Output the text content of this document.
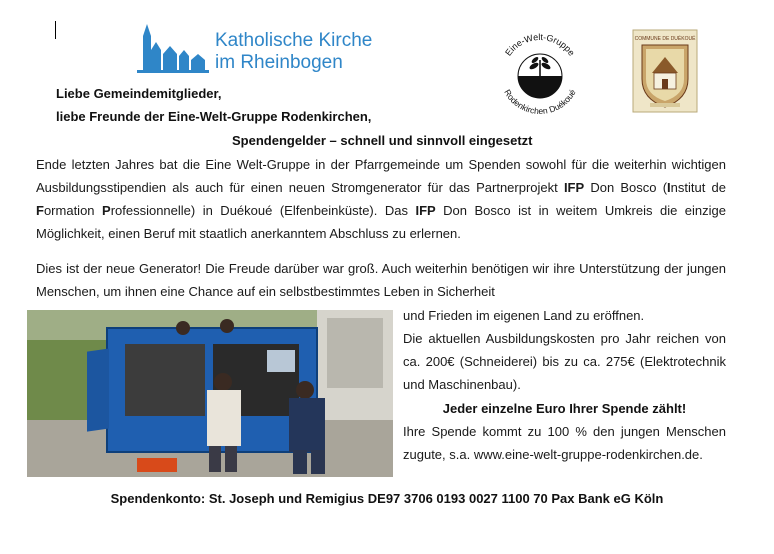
Katholische Kirche
im Rheinbogen	Eine-Welt-Gruppe
Rodenkirchen Duékoué
COMMUNE DE DUÉKOUÉ
Liebe Gemeindemitglieder,
liebe Freunde der Eine-Welt-Gruppe Rodenkirchen,
Spendengelder – schnell und sinnvoll eingesetzt
Ende letzten Jahres bat die Eine Welt-Gruppe in der Pfarrgemeinde um Spenden sowohl für die weiterhin wichtigen Ausbildungsstipendien als auch für einen neuen Stromgenerator für das Partnerprojekt IFP Don Bosco (Institut de Formation Professionnelle) in Duékoué (Elfenbeinküste). Das IFP Don Bosco ist in weitem Umkreis die einzige Möglichkeit, einen Beruf mit staatlich anerkanntem Abschluss zu erlernen.
Dies ist der neue Generator! Die Freude darüber war groß. Auch weiterhin benötigen wir ihre Unterstützung der jungen Menschen, um ihnen eine Chance auf ein selbstbestimmtes Leben in Sicherheit
und Frieden im eigenen Land zu eröffnen.
Die aktuellen Ausbildungskosten pro Jahr reichen von ca. 200€ (Schneiderei) bis zu ca. 275€ (Elektrotechnik und Maschinenbau).
Jeder einzelne Euro Ihrer Spende zählt!
Ihre Spende kommt zu 100 % den jungen Menschen zugute, s.a. www.eine-welt-gruppe-rodenkirchen.de.
Spendenkonto: St. Joseph und Remigius DE97 3706 0193 0027 1100 70 Pax Bank eG Köln
